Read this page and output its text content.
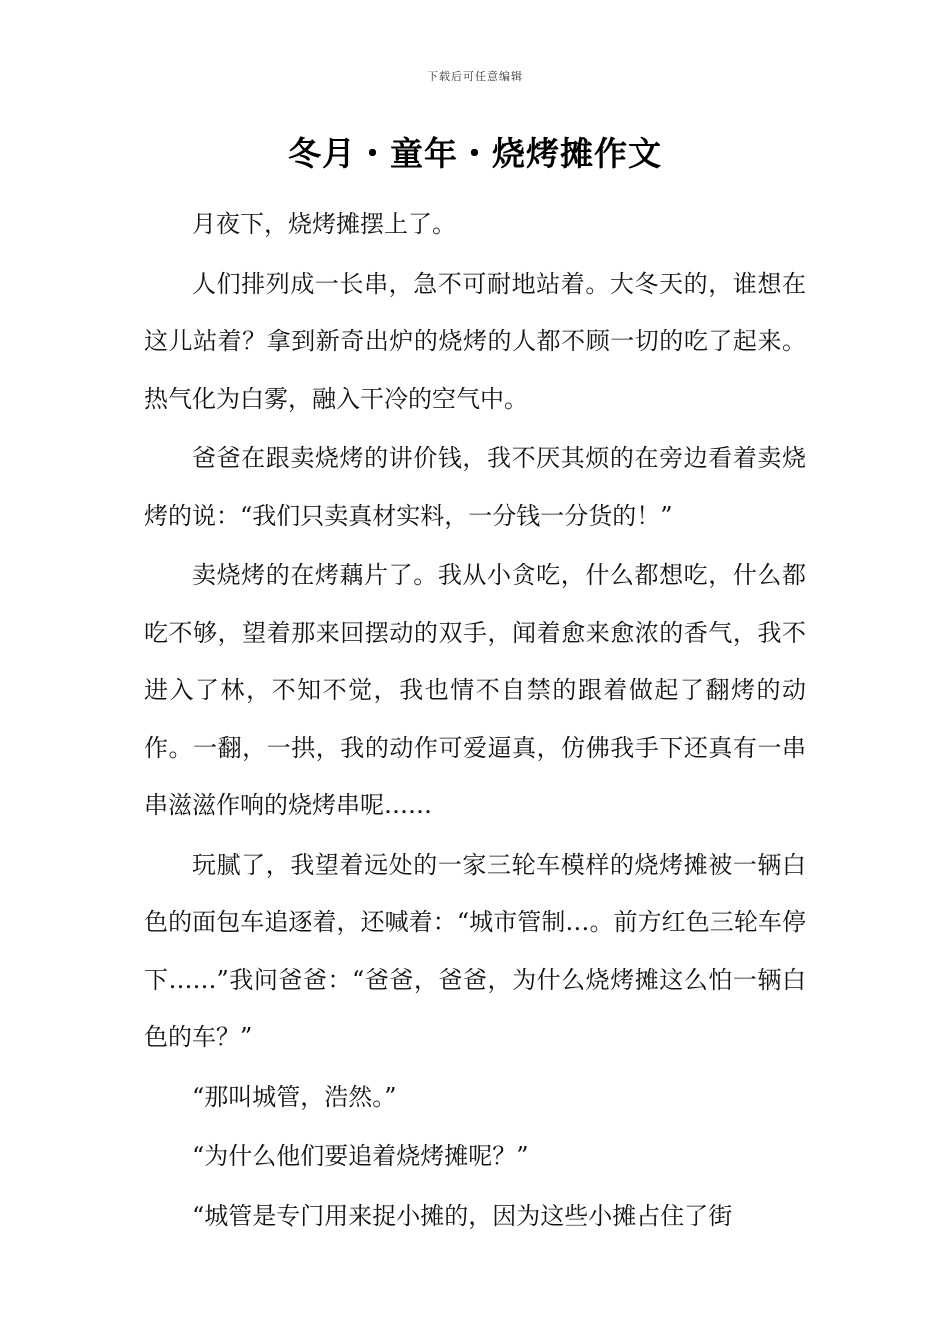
下载后可任意编辑
冬月・童年・烧烤摊作文

月夜下，烧烤摊摆上了。

人们排列成一长串，急不可耐地站着。大冬天的，谁想在这儿站着？拿到新奇出炉的烧烤的人都不顾一切的吃了起来。热气化为白雾，融入干冷的空气中。

爸爸在跟卖烧烤的讲价钱，我不厌其烦的在旁边看着卖烧烤的说：“我们只卖真材实料，一分钱一分货的！”

卖烧烤的在烤藕片了。我从小贪吃，什么都想吃，什么都吃不够，望着那来回摆动的双手，闻着愈来愈浓的香气，我不进入了林，不知不觉，我也情不自禁的跟着做起了翻烤的动作。一翻，一拱，我的动作可爱逼真，仿佛我手下还真有一串串滋滋作响的烧烤串呢……

玩腻了，我望着远处的一家三轮车模样的烧烤摊被一辆白色的面包车追逐着，还喊着：“城市管制…。前方红色三轮车停下……”我问爸爸：“爸爸，爸爸，为什么烧烤摊这么怕一辆白色的车？”

“那叫城管，浩然。”

“为什么他们要追着烧烤摊呢？”

“城管是专门用来捉小摊的，因为这些小摊占住了街
